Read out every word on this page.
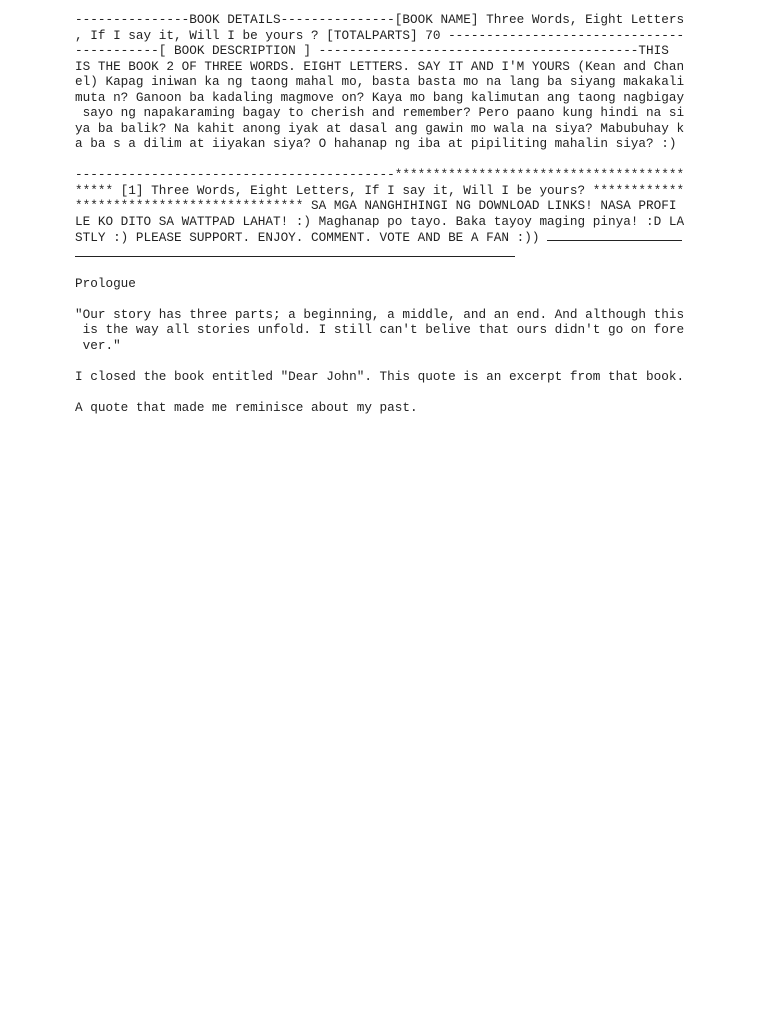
---------------BOOK DETAILS---------------[BOOK NAME] Three Words, Eight Letters
, If I say it, Will I be yours ? [TOTALPARTS] 70 -------------------------------
-----------[ BOOK DESCRIPTION ] ------------------------------------------THIS
IS THE BOOK 2 OF THREE WORDS. EIGHT LETTERS. SAY IT AND I'M YOURS (Kean and Chan
el) Kapag iniwan ka ng taong mahal mo, basta basta mo na lang ba siyang makakali
muta n? Ganoon ba kadaling magmove on? Kaya mo bang kalimutan ang taong nagbigay
sayo ng napakaraming bagay to cherish and remember? Pero paano kung hindi na si
ya ba balik? Na kahit anong iyak at dasal ang gawin mo wala na siya? Mabubuhay k
a ba s a dilim at iiyakan siya? O hahanap ng iba at pipiliting mahalin siya? :)
------------------------------------------**************************************
***** [1] Three Words, Eight Letters, If I say it, Will I be yours? ************
****************************** SA MGA NANGHIHINGI NG DOWNLOAD LINKS! NASA PROFI
LE KO DITO SA WATTPAD LAHAT! :) Maghanap po tayo. Baka tayoy maging pinya! :D LA
STLY :) PLEASE SUPPORT. ENJOY. COMMENT. VOTE AND BE A FAN :))
Prologue
"Our story has three parts; a beginning, a middle, and an end. And although this
is the way all stories unfold. I still can't belive that ours didn't go on fore
ver."
I closed the book entitled "Dear John". This quote is an excerpt from that book.
A quote that made me reminisce about my past.
